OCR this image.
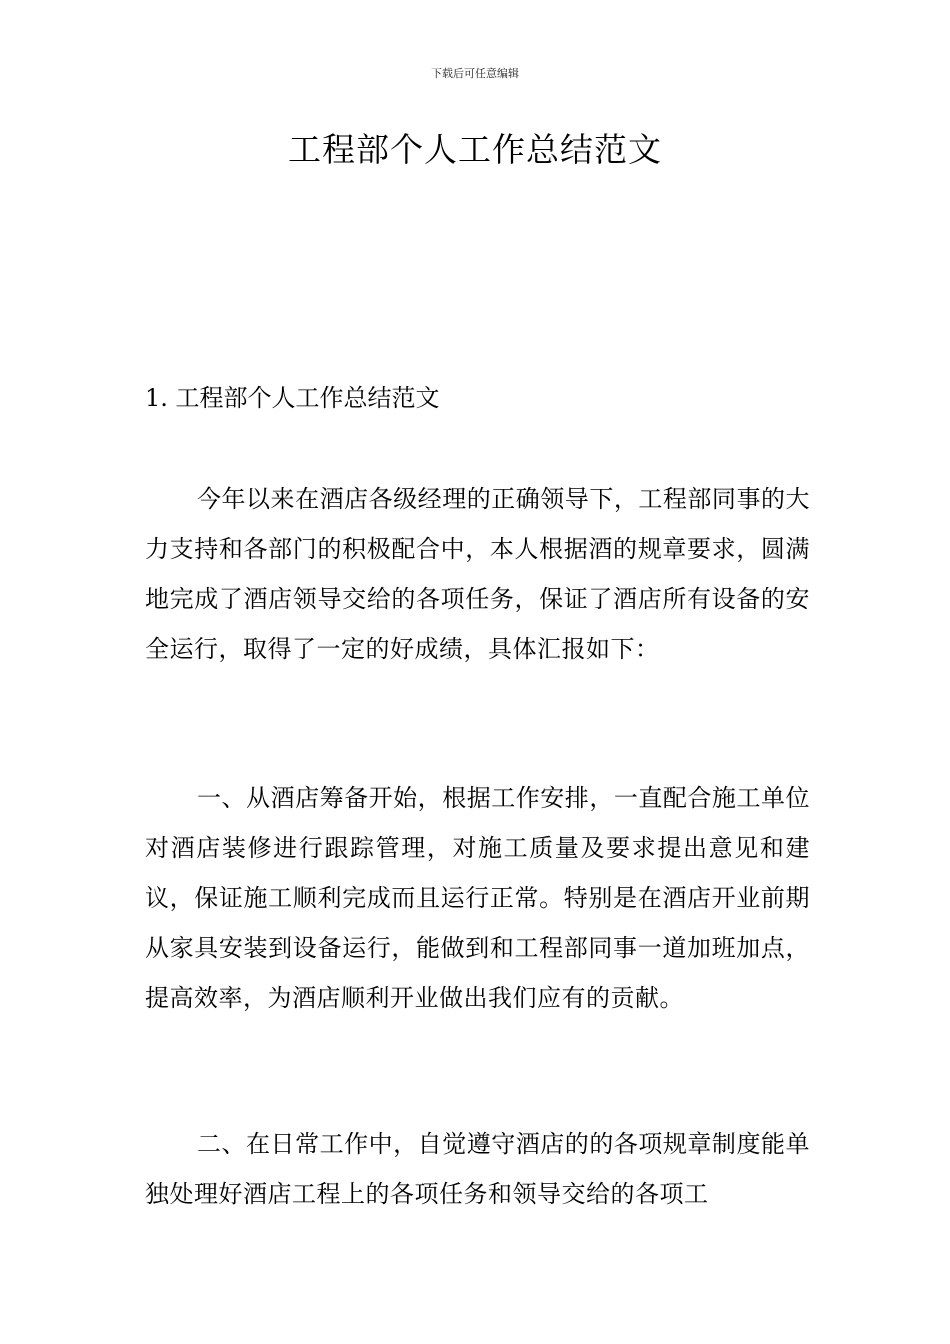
下载后可任意编辑
工程部个人工作总结范文
1. 工程部个人工作总结范文

今年以来在酒店各级经理的正确领导下，工程部同事的大力支持和各部门的积极配合中，本人根据酒的规章要求，圆满地完成了酒店领导交给的各项任务，保证了酒店所有设备的安全运行，取得了一定的好成绩，具体汇报如下：

一、从酒店筹备开始，根据工作安排，一直配合施工单位对酒店装修进行跟踪管理，对施工质量及要求提出意见和建议，保证施工顺利完成而且运行正常。特别是在酒店开业前期从家具安装到设备运行，能做到和工程部同事一道加班加点，提高效率，为酒店顺利开业做出我们应有的贡献。

二、在日常工作中，自觉遵守酒店的的各项规章制度能单独处理好酒店工程上的各项任务和领导交给的各项工
